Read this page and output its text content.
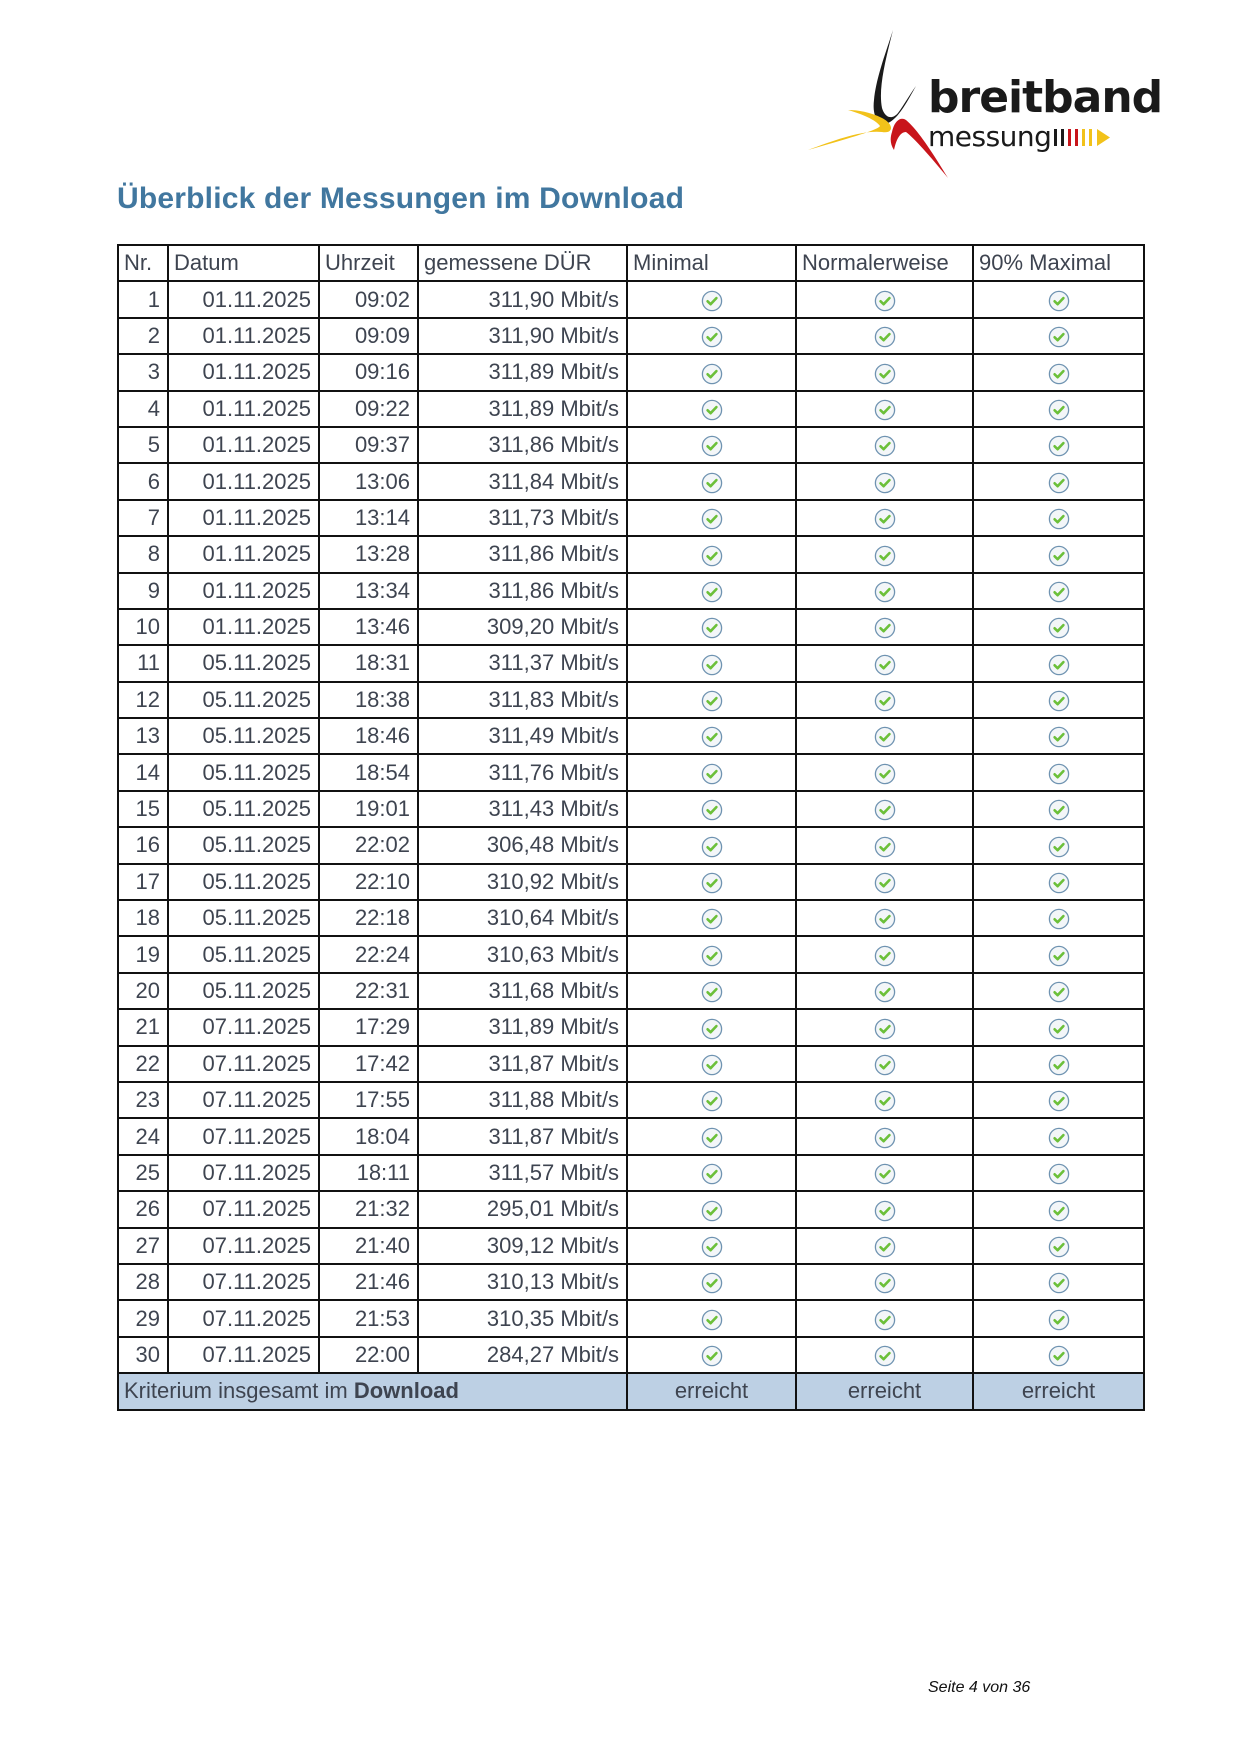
breitband
messung
Überblick der Messungen im Download
Nr.	Datum	Uhrzeit	gemessene DÜR	Minimal	Normalerweise	90% Maximal
1	01.11.2025	09:02	311,90 Mbit/s			
2	01.11.2025	09:09	311,90 Mbit/s			
3	01.11.2025	09:16	311,89 Mbit/s			
4	01.11.2025	09:22	311,89 Mbit/s			
5	01.11.2025	09:37	311,86 Mbit/s			
6	01.11.2025	13:06	311,84 Mbit/s			
7	01.11.2025	13:14	311,73 Mbit/s			
8	01.11.2025	13:28	311,86 Mbit/s			
9	01.11.2025	13:34	311,86 Mbit/s			
10	01.11.2025	13:46	309,20 Mbit/s			
11	05.11.2025	18:31	311,37 Mbit/s			
12	05.11.2025	18:38	311,83 Mbit/s			
13	05.11.2025	18:46	311,49 Mbit/s			
14	05.11.2025	18:54	311,76 Mbit/s			
15	05.11.2025	19:01	311,43 Mbit/s			
16	05.11.2025	22:02	306,48 Mbit/s			
17	05.11.2025	22:10	310,92 Mbit/s			
18	05.11.2025	22:18	310,64 Mbit/s			
19	05.11.2025	22:24	310,63 Mbit/s			
20	05.11.2025	22:31	311,68 Mbit/s			
21	07.11.2025	17:29	311,89 Mbit/s			
22	07.11.2025	17:42	311,87 Mbit/s			
23	07.11.2025	17:55	311,88 Mbit/s			
24	07.11.2025	18:04	311,87 Mbit/s			
25	07.11.2025	18:11	311,57 Mbit/s			
26	07.11.2025	21:32	295,01 Mbit/s			
27	07.11.2025	21:40	309,12 Mbit/s			
28	07.11.2025	21:46	310,13 Mbit/s			
29	07.11.2025	21:53	310,35 Mbit/s			
30	07.11.2025	22:00	284,27 Mbit/s			
Kriterium insgesamt im Download				erreicht	erreicht	erreicht
Seite 4 von 36
